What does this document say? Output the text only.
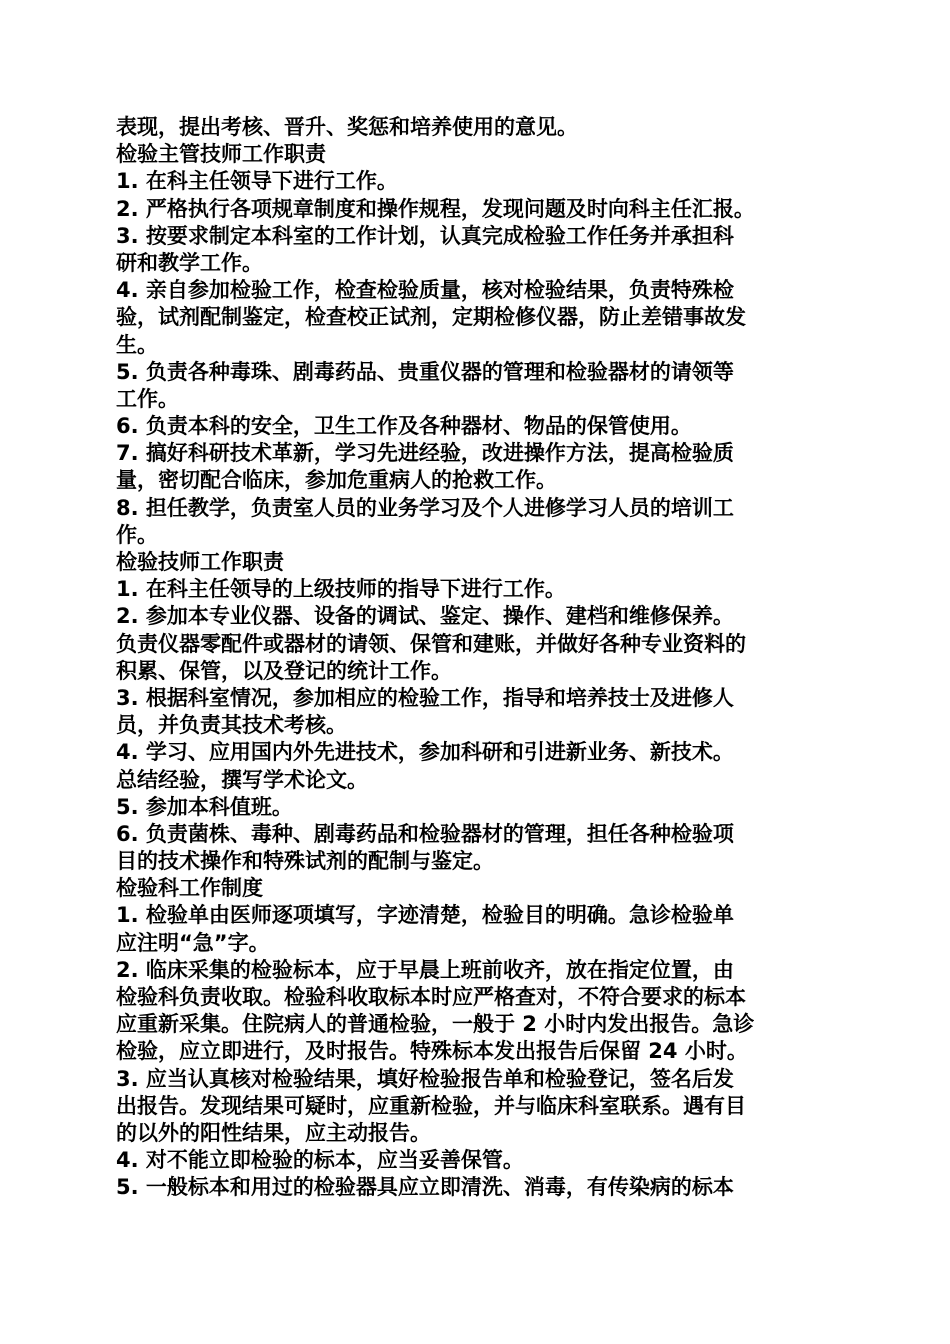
表现，提出考核、晋升、奖惩和培养使用的意见。
检验主管技师工作职责
1. 在科主任领导下进行工作。
2. 严格执行各项规章制度和操作规程，发现问题及时向科主任汇报。
3. 按要求制定本科室的工作计划，认真完成检验工作任务并承担科
研和教学工作。
4. 亲自参加检验工作，检查检验质量，核对检验结果，负责特殊检
验，试剂配制鉴定，检查校正试剂，定期检修仪器，防止差错事故发
生。
5. 负责各种毒珠、剧毒药品、贵重仪器的管理和检验器材的请领等
工作。
6. 负责本科的安全，卫生工作及各种器材、物品的保管使用。
7. 搞好科研技术革新，学习先进经验，改进操作方法，提高检验质
量，密切配合临床，参加危重病人的抢救工作。
8. 担任教学，负责室人员的业务学习及个人进修学习人员的培训工
作。
检验技师工作职责
1. 在科主任领导的上级技师的指导下进行工作。
2. 参加本专业仪器、设备的调试、鉴定、操作、建档和维修保养。
负责仪器零配件或器材的请领、保管和建账，并做好各种专业资料的
积累、保管，以及登记的统计工作。
3. 根据科室情况，参加相应的检验工作，指导和培养技士及进修人
员，并负责其技术考核。
4. 学习、应用国内外先进技术，参加科研和引进新业务、新技术。
总结经验，撰写学术论文。
5. 参加本科值班。
6. 负责菌株、毒种、剧毒药品和检验器材的管理，担任各种检验项
目的技术操作和特殊试剂的配制与鉴定。
检验科工作制度
1. 检验单由医师逐项填写，字迹清楚，检验目的明确。急诊检验单
应注明“急”字。
2. 临床采集的检验标本，应于早晨上班前收齐，放在指定位置，由
检验科负责收取。检验科收取标本时应严格查对，不符合要求的标本
应重新采集。住院病人的普通检验，一般于 2 小时内发出报告。急诊
检验，应立即进行，及时报告。特殊标本发出报告后保留 24 小时。
3. 应当认真核对检验结果，填好检验报告单和检验登记，签名后发
出报告。发现结果可疑时，应重新检验，并与临床科室联系。遇有目
的以外的阳性结果，应主动报告。
4. 对不能立即检验的标本，应当妥善保管。
5. 一般标本和用过的检验器具应立即清洗、消毒，有传染病的标本
